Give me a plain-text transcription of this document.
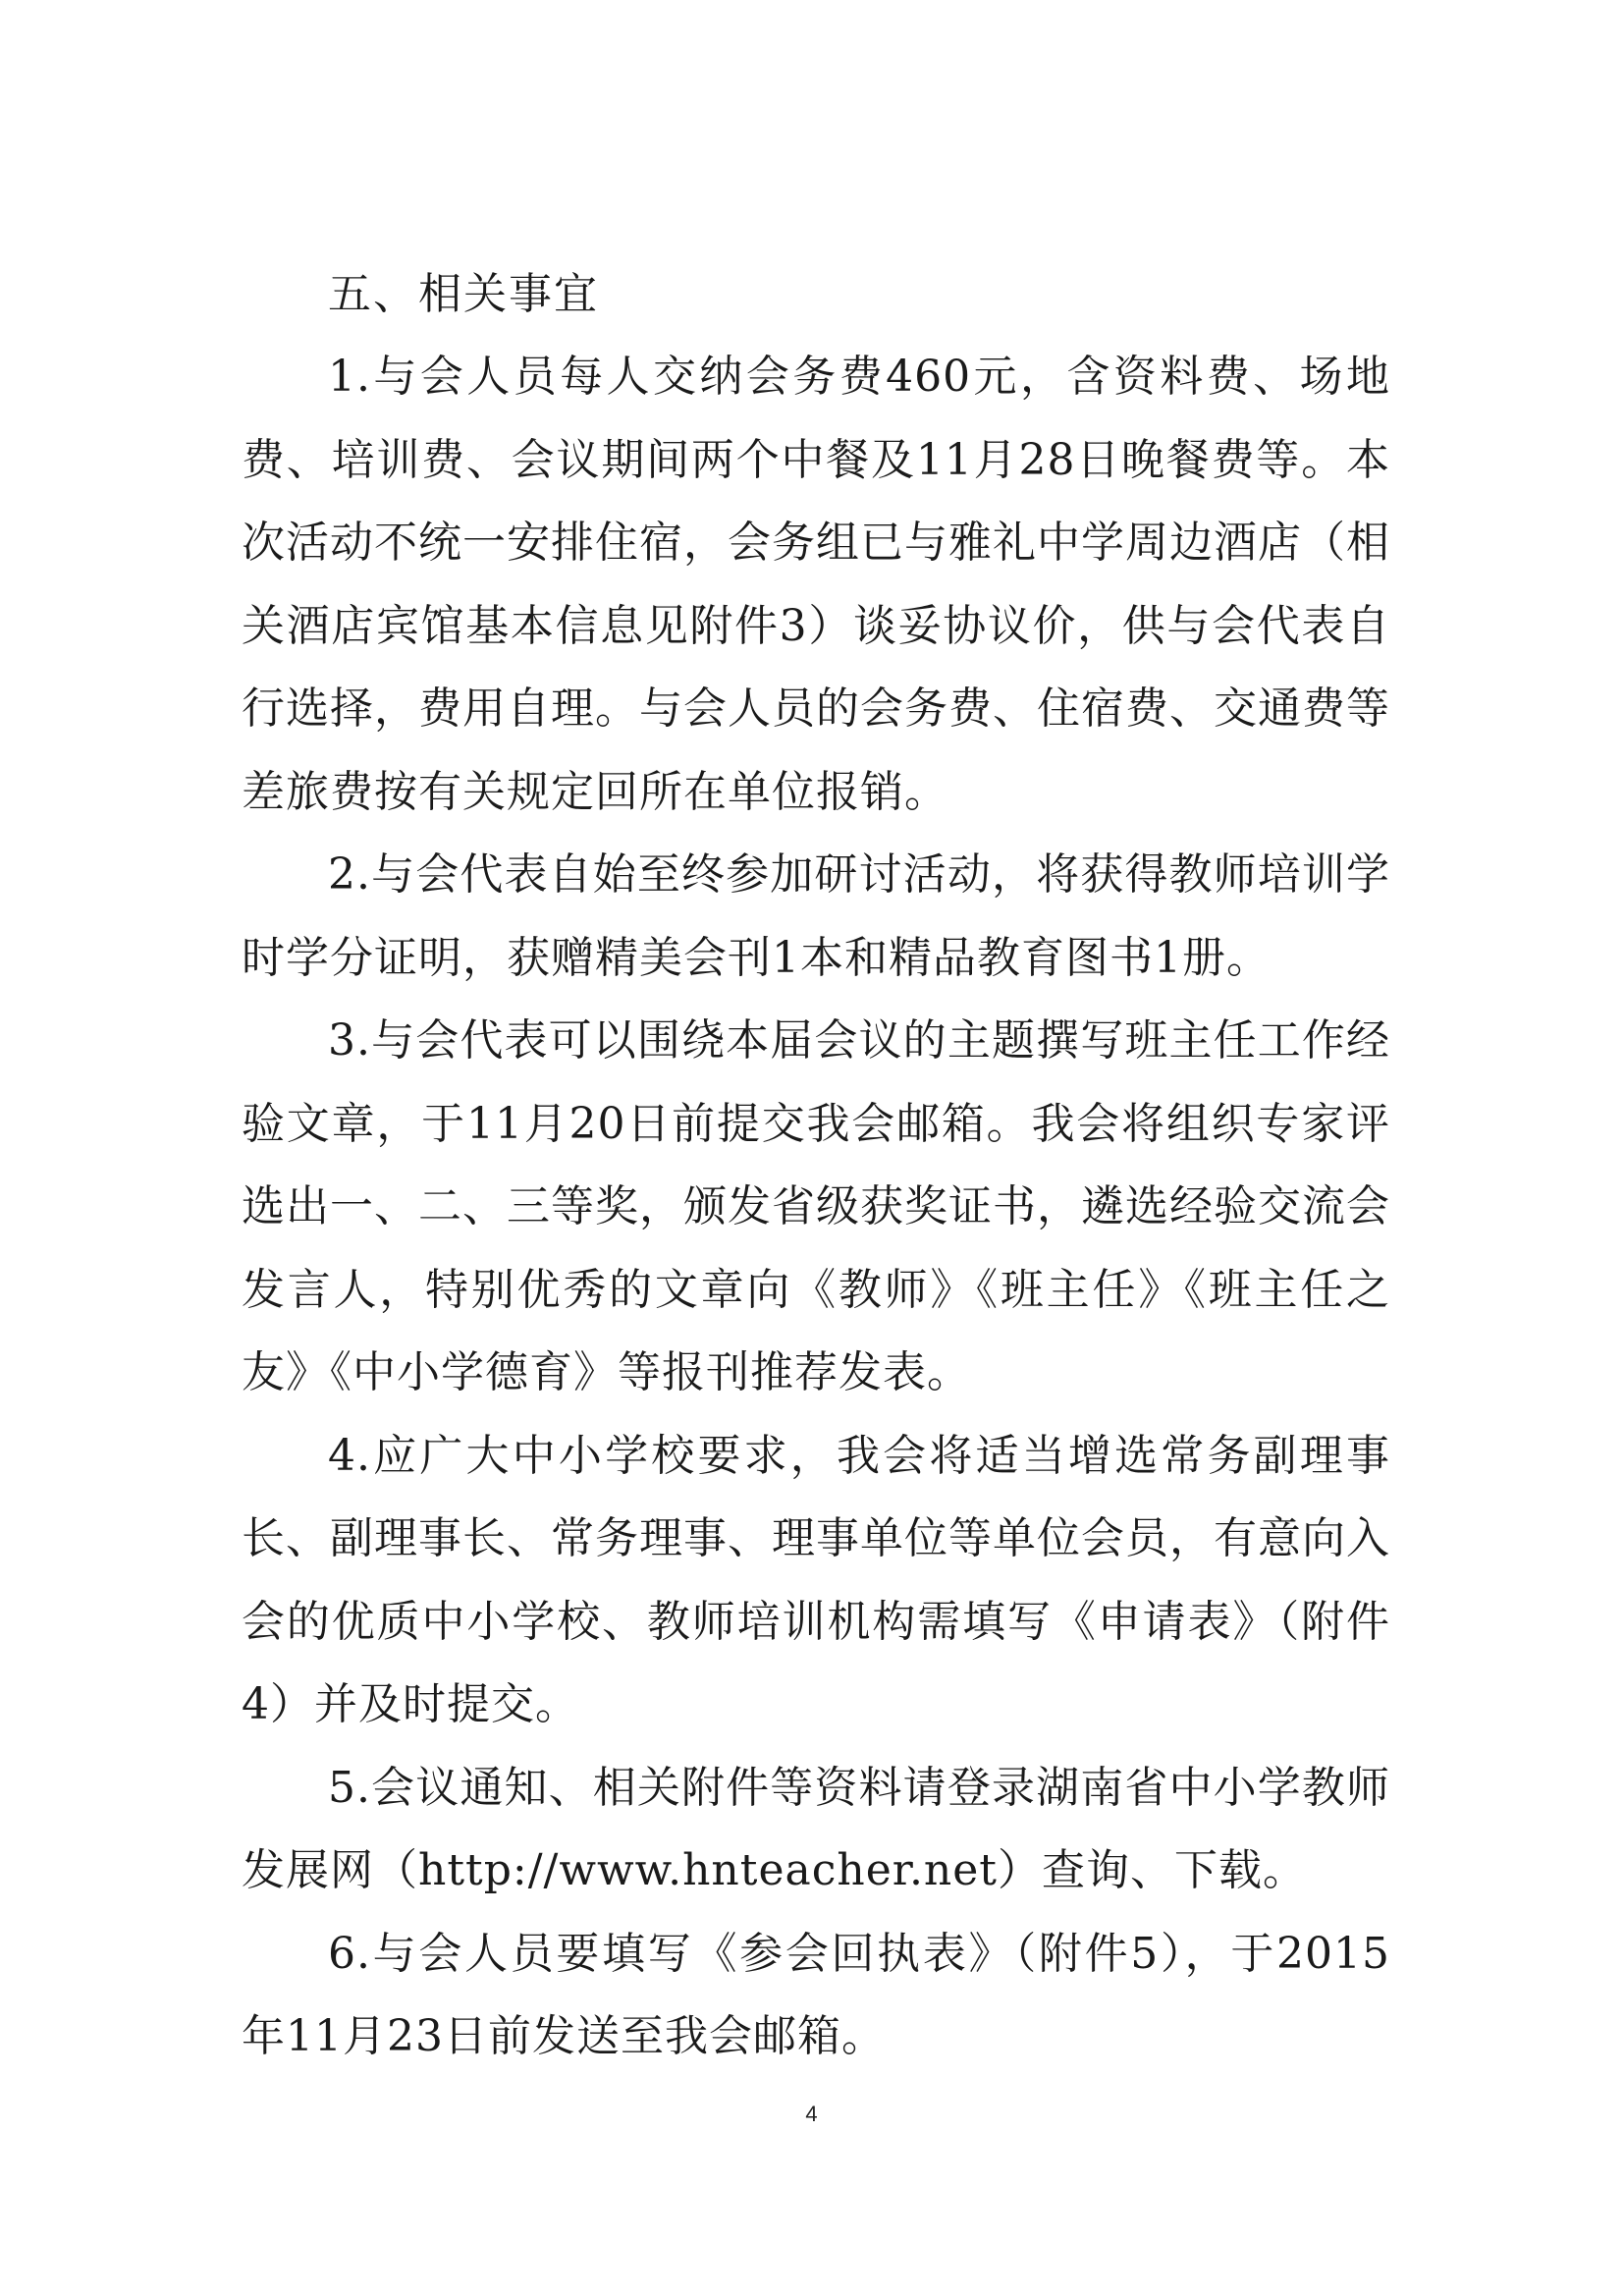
五、相关事宜

1.与会人员每人交纳会务费460元，含资料费、场地费、培训费、会议期间两个中餐及11月28日晚餐费等。本次活动不统一安排住宿，会务组已与雅礼中学周边酒店（相关酒店宾馆基本信息见附件3）谈妥协议价，供与会代表自行选择，费用自理。与会人员的会务费、住宿费、交通费等差旅费按有关规定回所在单位报销。

2.与会代表自始至终参加研讨活动，将获得教师培训学时学分证明，获赠精美会刊1本和精品教育图书1册。

3.与会代表可以围绕本届会议的主题撰写班主任工作经验文章，于11月20日前提交我会邮箱。我会将组织专家评选出一、二、三等奖，颁发省级获奖证书，遴选经验交流会发言人，特别优秀的文章向《教师》《班主任》《班主任之友》《中小学德育》等报刊推荐发表。

4.应广大中小学校要求，我会将适当增选常务副理事长、副理事长、常务理事、理事单位等单位会员，有意向入会的优质中小学校、教师培训机构需填写《申请表》（附件4）并及时提交。

5.会议通知、相关附件等资料请登录湖南省中小学教师发展网（http://www.hnteacher.net）查询、下载。

6.与会人员要填写《参会回执表》（附件5），于2015年11月23日前发送至我会邮箱。

4
